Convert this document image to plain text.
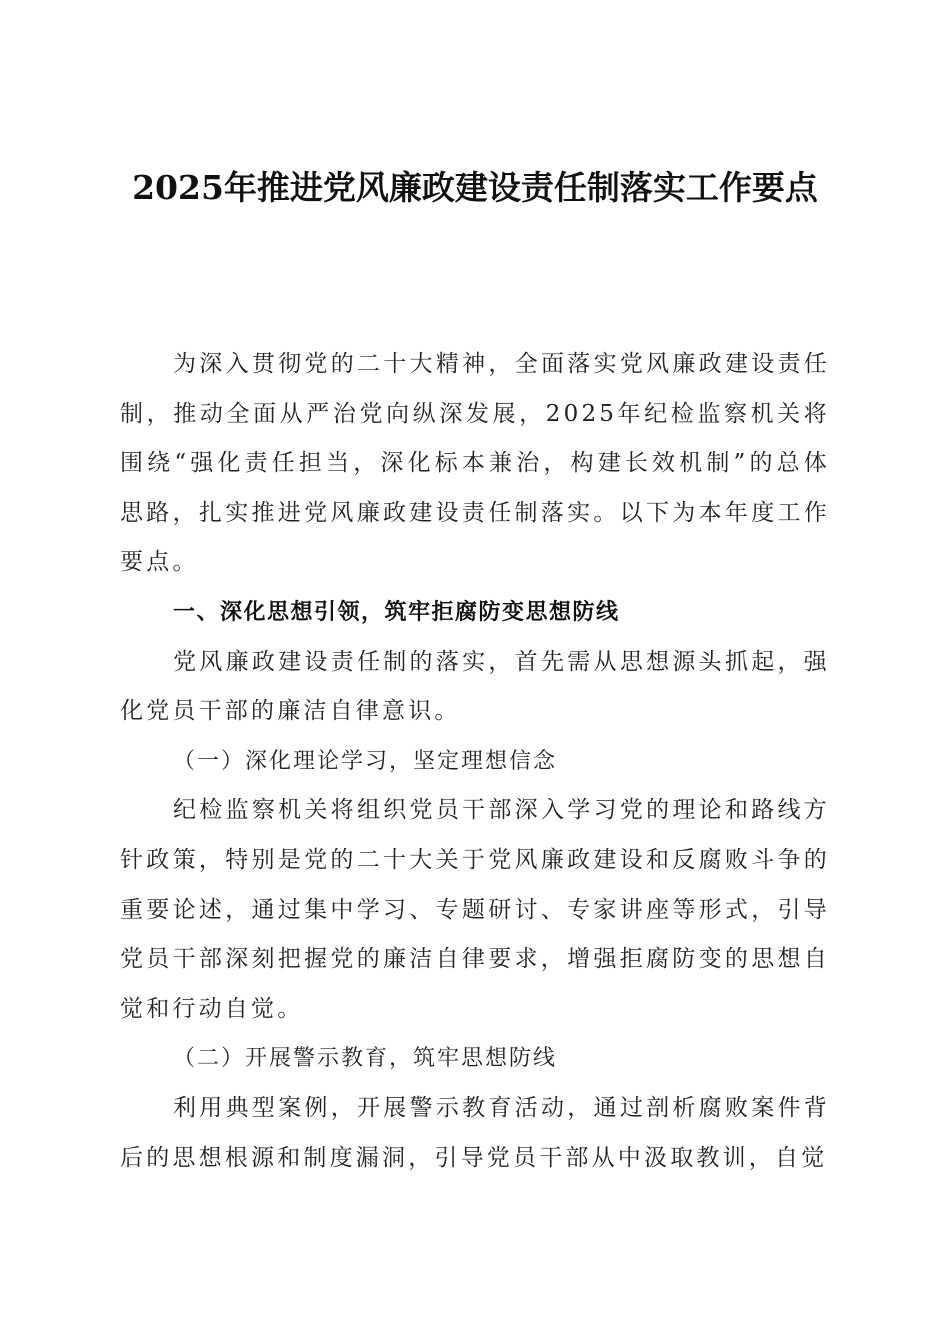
2025年推进党风廉政建设责任制落实工作要点

为深入贯彻党的二十大精神，全面落实党风廉政建设责任制，推动全面从严治党向纵深发展，2025年纪检监察机关将围绕“强化责任担当，深化标本兼治，构建长效机制”的总体思路，扎实推进党风廉政建设责任制落实。以下为本年度工作要点。

一、深化思想引领，筑牢拒腐防变思想防线

党风廉政建设责任制的落实，首先需从思想源头抓起，强化党员干部的廉洁自律意识。

（一）深化理论学习，坚定理想信念

纪检监察机关将组织党员干部深入学习党的理论和路线方针政策，特别是党的二十大关于党风廉政建设和反腐败斗争的重要论述，通过集中学习、专题研讨、专家讲座等形式，引导党员干部深刻把握党的廉洁自律要求，增强拒腐防变的思想自觉和行动自觉。

（二）开展警示教育，筑牢思想防线

利用典型案例，开展警示教育活动，通过剖析腐败案件背后的思想根源和制度漏洞，引导党员干部从中汲取教训，自觉
